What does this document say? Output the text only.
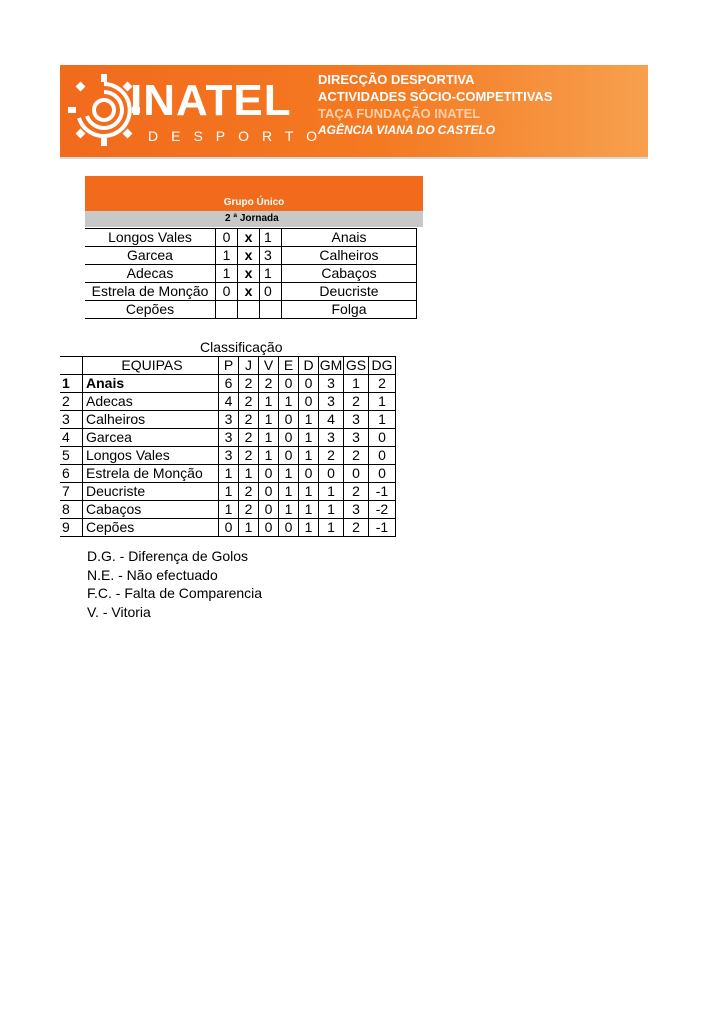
INATEL
DESPORTO
DIRECÇÃO DESPORTIVA
ACTIVIDADES SÓCIO-COMPETITIVAS
TAÇA FUNDAÇÃO INATEL
AGÊNCIA VIANA DO CASTELO
Grupo Único
2 ª Jornada
Longos Vales	0	x	1	Anais
Garcea	1	x	3	Calheiros
Adecas	1	x	1	Cabaços
Estrela de Monção	0	x	0	Deucriste
Cepões				Folga
Classificação
	EQUIPAS	P	J	V	E	D	GM	GS	DG
1	Anais	6	2	2	0	0	3	1	2
2	Adecas	4	2	1	1	0	3	2	1
3	Calheiros	3	2	1	0	1	4	3	1
4	Garcea	3	2	1	0	1	3	3	0
5	Longos Vales	3	2	1	0	1	2	2	0
6	Estrela de Monção	1	1	0	1	0	0	0	0
7	Deucriste	1	2	0	1	1	1	2	-1
8	Cabaços	1	2	0	1	1	1	3	-2
9	Cepões	0	1	0	0	1	1	2	-1
D.G. - Diferença de Golos
N.E. - Não efectuado
F.C. - Falta de Comparencia
V. - Vitoria
